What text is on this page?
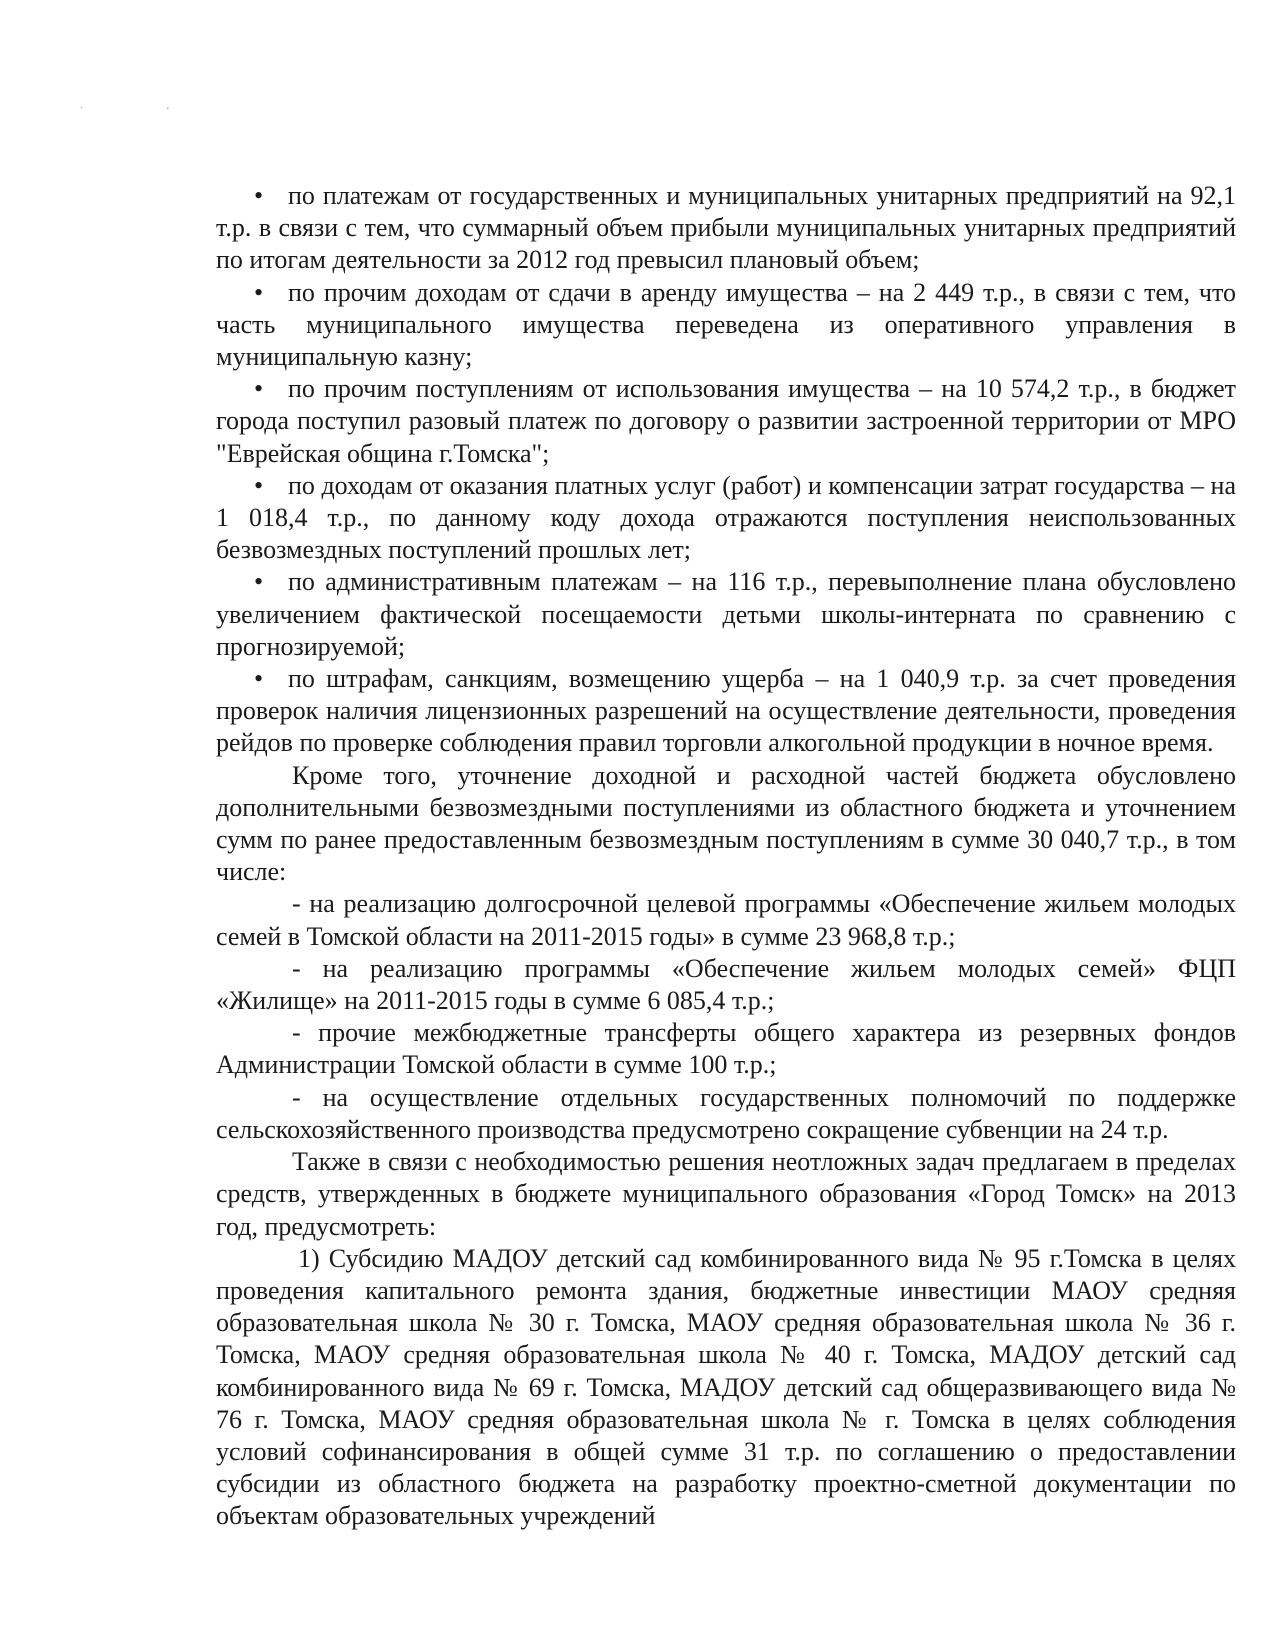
. ,

• по платежам от государственных и муниципальных унитарных предприятий на 92,1 т.р. в связи с тем, что суммарный объем прибыли муниципальных унитарных предприятий по итогам деятельности за 2012 год превысил плановый объем;

• по прочим доходам от сдачи в аренду имущества – на 2 449 т.р., в связи с тем, что часть муниципального имущества переведена из оперативного управления в муниципальную казну;

• по прочим поступлениям от использования имущества – на 10 574,2 т.р., в бюджет города поступил разовый платеж по договору о развитии застроенной территории от МРО "Еврейская община г.Томска";

• по доходам от оказания платных услуг (работ) и компенсации затрат государства – на 1 018,4 т.р., по данному коду дохода отражаются поступления неиспользованных безвозмездных поступлений прошлых лет;

• по административным платежам – на 116 т.р., перевыполнение плана обусловлено увеличением фактической посещаемости детьми школы-интерната по сравнению с прогнозируемой;

• по штрафам, санкциям, возмещению ущерба – на 1 040,9 т.р. за счет проведения проверок наличия лицензионных разрешений на осуществление деятельности, проведения рейдов по проверке соблюдения правил торговли алкогольной продукции в ночное время.

Кроме того, уточнение доходной и расходной частей бюджета обусловлено дополнительными безвозмездными поступлениями из областного бюджета и уточнением сумм по ранее предоставленным безвозмездным поступлениям в сумме 30 040,7 т.р., в том числе:

- на реализацию долгосрочной целевой программы «Обеспечение жильем молодых семей в Томской области на 2011-2015 годы» в сумме 23 968,8 т.р.;

- на реализацию программы «Обеспечение жильем молодых семей» ФЦП «Жилище» на 2011-2015 годы в сумме 6 085,4 т.р.;

- прочие межбюджетные трансферты общего характера из резервных фондов Администрации Томской области в сумме 100 т.р.;

- на осуществление отдельных государственных полномочий по поддержке сельскохозяйственного производства предусмотрено сокращение субвенции на 24 т.р.

Также в связи с необходимостью решения неотложных задач предлагаем в пределах средств, утвержденных в бюджете муниципального образования «Город Томск» на 2013 год, предусмотреть:

1) Субсидию МАДОУ детский сад комбинированного вида № 95 г.Томска в целях проведения капитального ремонта здания, бюджетные инвестиции МАОУ средняя образовательная школа № 30 г. Томска, МАОУ средняя образовательная школа № 36 г. Томска, МАОУ средняя образовательная школа № 40 г. Томска, МАДОУ детский сад комбинированного вида № 69 г. Томска, МАДОУ детский сад общеразвивающего вида № 76 г. Томска, МАОУ средняя образовательная школа № г. Томска в целях соблюдения условий софинансирования в общей сумме 31 т.р. по соглашению о предоставлении субсидии из областного бюджета на разработку проектно-сметной документации по объектам образовательных учреждений
